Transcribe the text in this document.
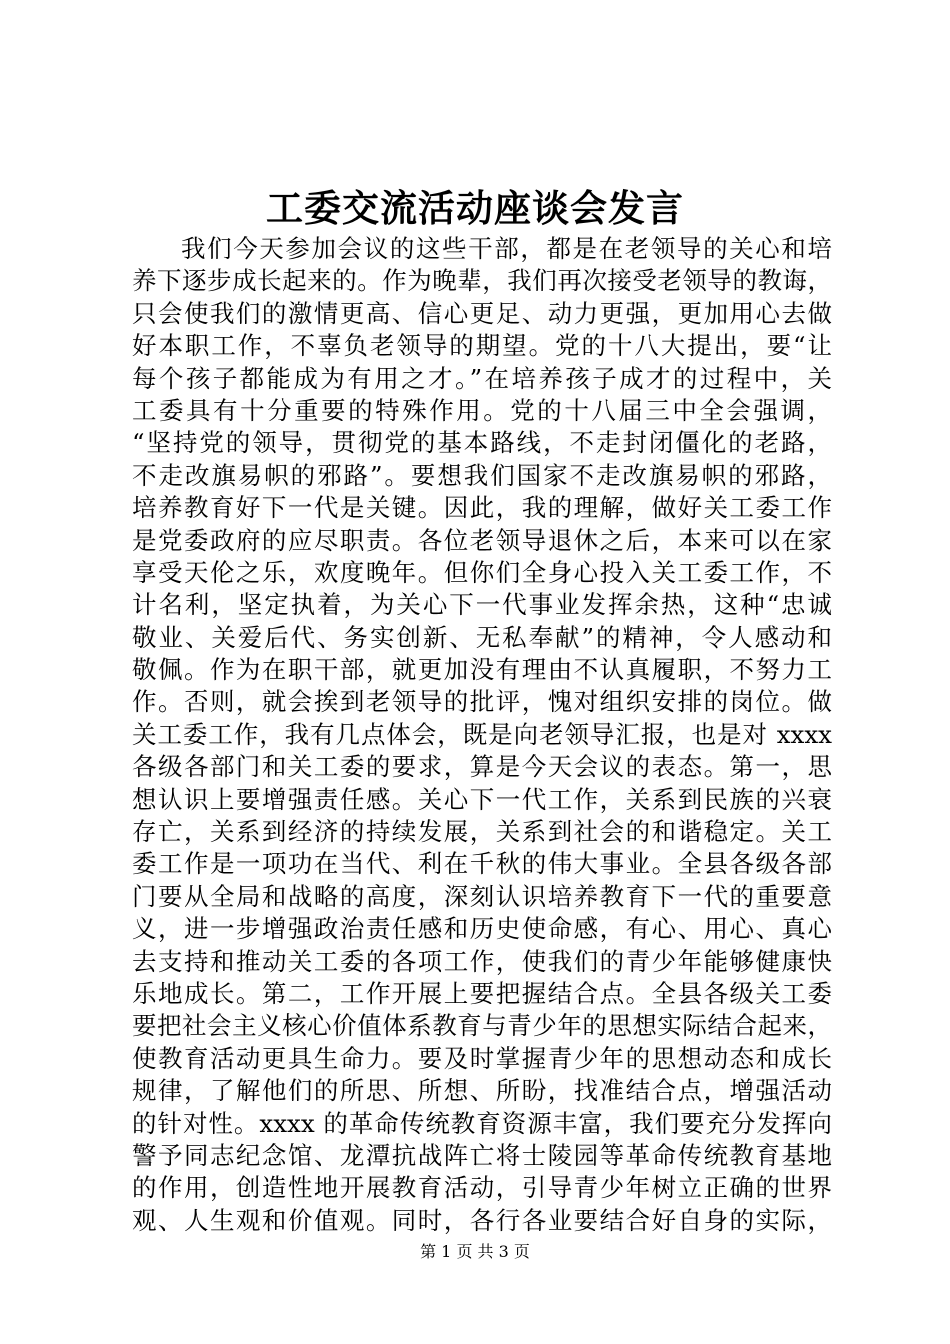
工委交流活动座谈会发言
我们今天参加会议的这些干部，都是在老领导的关心和培
养下逐步成长起来的。作为晚辈，我们再次接受老领导的教诲，
只会使我们的激情更高、信心更足、动力更强，更加用心去做
好本职工作，不辜负老领导的期望。党的十八大提出，要“让
每个孩子都能成为有用之才。”在培养孩子成才的过程中，关
工委具有十分重要的特殊作用。党的十八届三中全会强调，
“坚持党的领导，贯彻党的基本路线，不走封闭僵化的老路，
不走改旗易帜的邪路”。要想我们国家不走改旗易帜的邪路，
培养教育好下一代是关键。因此，我的理解，做好关工委工作
是党委政府的应尽职责。各位老领导退休之后，本来可以在家
享受天伦之乐，欢度晚年。但你们全身心投入关工委工作，不
计名利，坚定执着，为关心下一代事业发挥余热，这种“忠诚
敬业、关爱后代、务实创新、无私奉献”的精神，令人感动和
敬佩。作为在职干部，就更加没有理由不认真履职，不努力工
作。否则，就会挨到老领导的批评，愧对组织安排的岗位。做
关工委工作，我有几点体会，既是向老领导汇报，也是对 xxxx
各级各部门和关工委的要求，算是今天会议的表态。第一，思
想认识上要增强责任感。关心下一代工作，关系到民族的兴衰
存亡，关系到经济的持续发展，关系到社会的和谐稳定。关工
委工作是一项功在当代、利在千秋的伟大事业。全县各级各部
门要从全局和战略的高度，深刻认识培养教育下一代的重要意
义，进一步增强政治责任感和历史使命感，有心、用心、真心
去支持和推动关工委的各项工作，使我们的青少年能够健康快
乐地成长。第二，工作开展上要把握结合点。全县各级关工委
要把社会主义核心价值体系教育与青少年的思想实际结合起来，
使教育活动更具生命力。要及时掌握青少年的思想动态和成长
规律，了解他们的所思、所想、所盼，找准结合点，增强活动
的针对性。xxxx 的革命传统教育资源丰富，我们要充分发挥向
警予同志纪念馆、龙潭抗战阵亡将士陵园等革命传统教育基地
的作用，创造性地开展教育活动，引导青少年树立正确的世界
观、人生观和价值观。同时，各行各业要结合好自身的实际，
第 1 页 共 3 页
